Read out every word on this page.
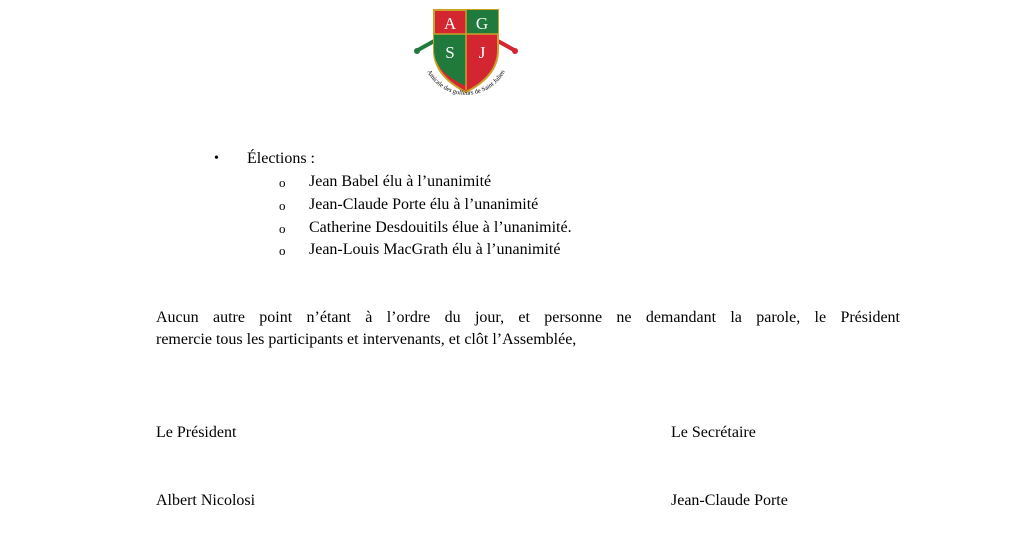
A G
S J
Amicale des golfeurs de Saint Julien
• Élections :
o Jean Babel élu à l’unanimité
o Jean-Claude Porte élu à l’unanimité
o Catherine Desdouitils élue à l’unanimité.
o Jean-Louis MacGrath élu à l’unanimité
Aucun autre point n’étant à l’ordre du jour, et personne ne demandant la parole, le Président
remercie tous les participants et intervenants, et clôt l’Assemblée,
Le Président	Le Secrétaire
Albert Nicolosi	Jean-Claude Porte
